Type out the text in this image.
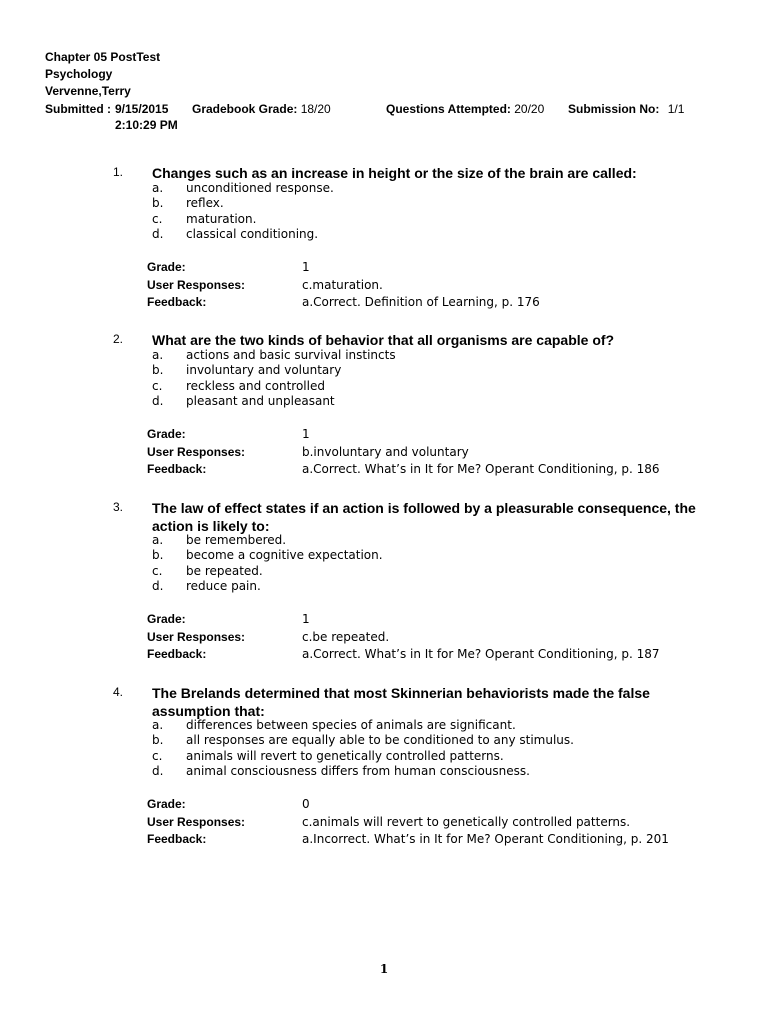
Chapter 05 PostTest
Psychology
Vervenne,Terry
Submitted : 9/15/2015
2:10:29 PM
Gradebook Grade: 18/20	Questions Attempted: 20/20 Submission No: 1/1
1. Changes such as an increase in height or the size of the brain are called:
a.	unconditioned response.
b.	reflex.
c.	maturation.
d.	classical conditioning.
Grade:	1
User Responses:	c.maturation.
Feedback:	a.Correct. Definition of Learning, p. 176
2. What are the two kinds of behavior that all organisms are capable of?
a.	actions and basic survival instincts
b.	involuntary and voluntary
c.	reckless and controlled
d.	pleasant and unpleasant
Grade:	1
User Responses:	b.involuntary and voluntary
Feedback:	a.Correct. What’s in It for Me? Operant Conditioning, p. 186
3. The law of effect states if an action is followed by a pleasurable consequence, the action is likely to:
a.	be remembered.
b.	become a cognitive expectation.
c.	be repeated.
d.	reduce pain.
Grade:	1
User Responses:	c.be repeated.
Feedback:	a.Correct. What’s in It for Me? Operant Conditioning, p. 187
4. The Brelands determined that most Skinnerian behaviorists made the false assumption that:
a.	differences between species of animals are significant.
b.	all responses are equally able to be conditioned to any stimulus.
c.	animals will revert to genetically controlled patterns.
d.	animal consciousness differs from human consciousness.
Grade:	0
User Responses:	c.animals will revert to genetically controlled patterns.
Feedback:	a.Incorrect. What’s in It for Me? Operant Conditioning, p. 201
1
